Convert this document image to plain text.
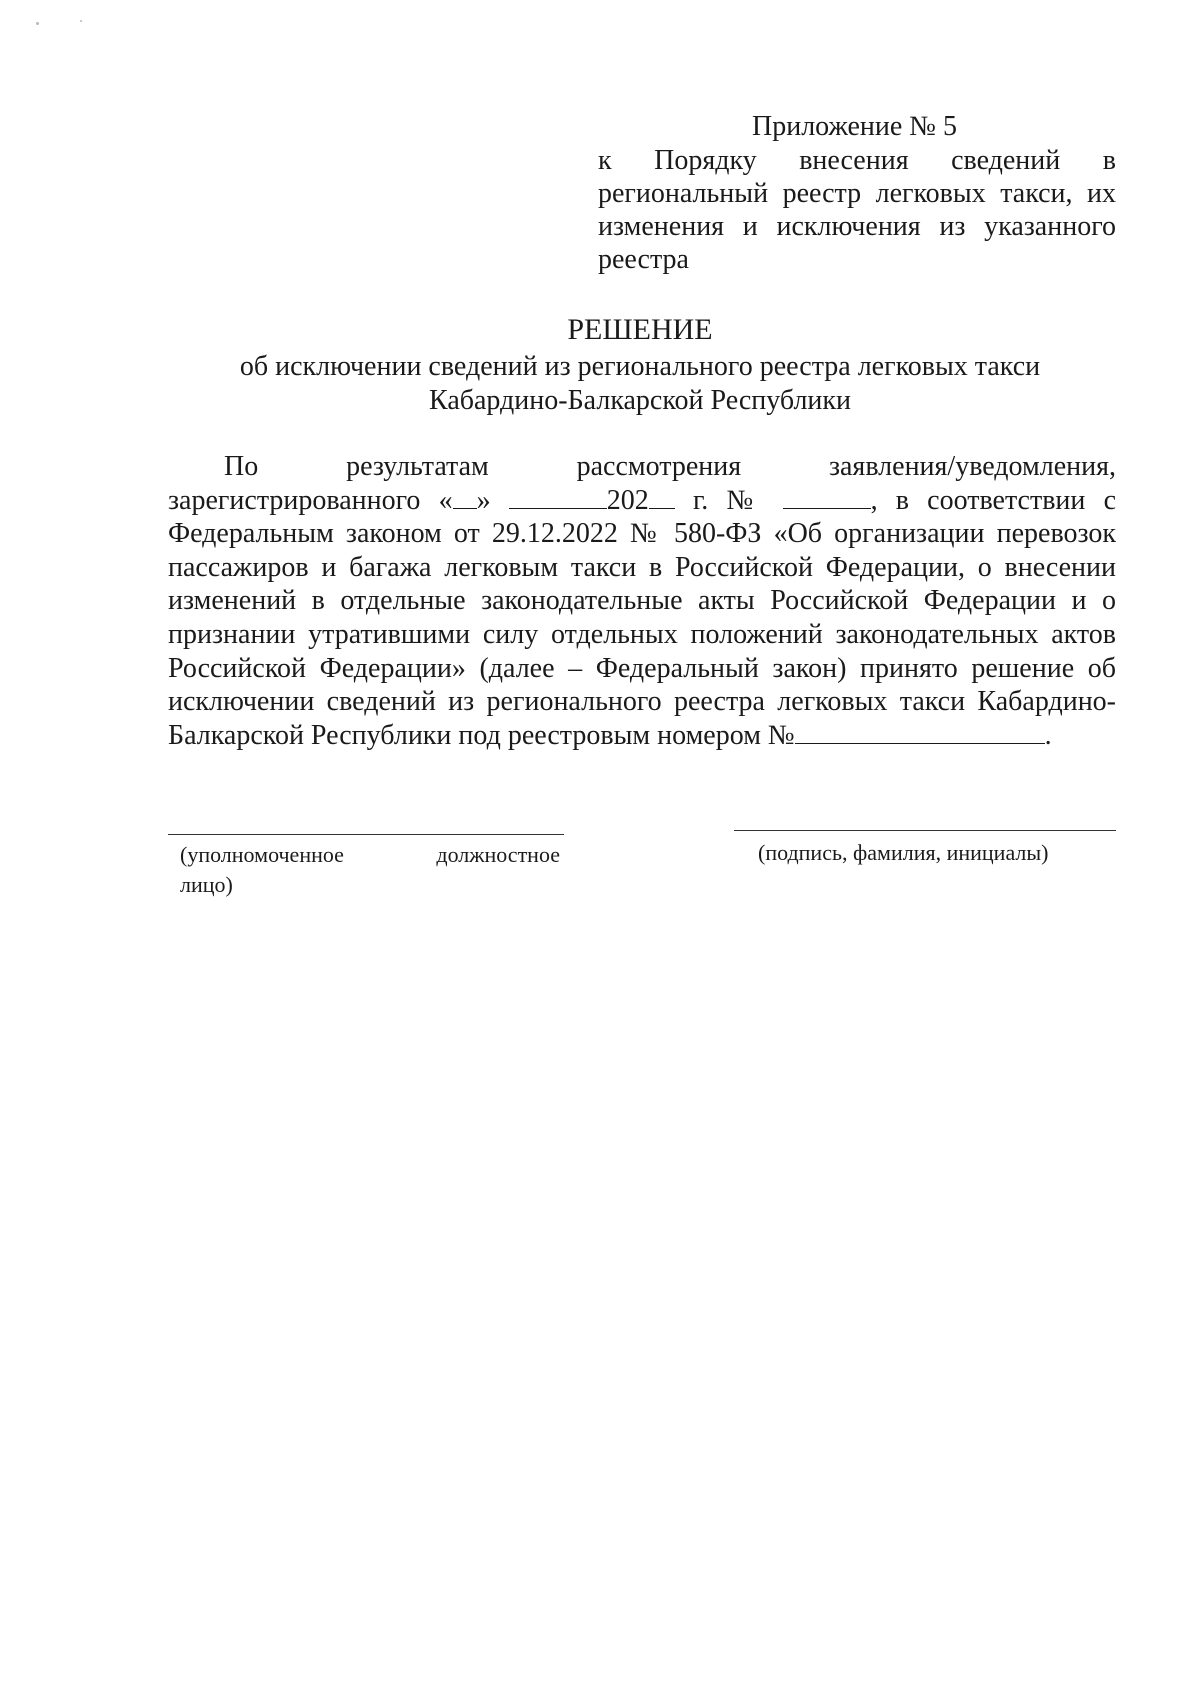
Приложение № 5

к Порядку внесения сведений в региональный реестр легковых такси, их изменения и исключения из указанного реестра

РЕШЕНИЕ

об исключении сведений из регионального реестра легковых такси

Кабардино-Балкарской Республики

По результатам рассмотрения заявления/уведомления, зарегистрированного « »	202 г. №	, в соответствии с Федеральным законом от 29.12.2022 № 580-ФЗ «Об организации перевозок пассажиров и багажа легковым такси в Российской Федерации, о внесении изменений в отдельные законодательные акты Российской Федерации и о признании утратившими силу отдельных положений законодательных актов Российской Федерации» (далее – Федеральный закон) принято решение об исключении сведений из регионального реестра легковых такси Кабардино-Балкарской Республики под реестровым номером №	.

(уполномоченное должностное

лицо)

(подпись, фамилия, инициалы)
